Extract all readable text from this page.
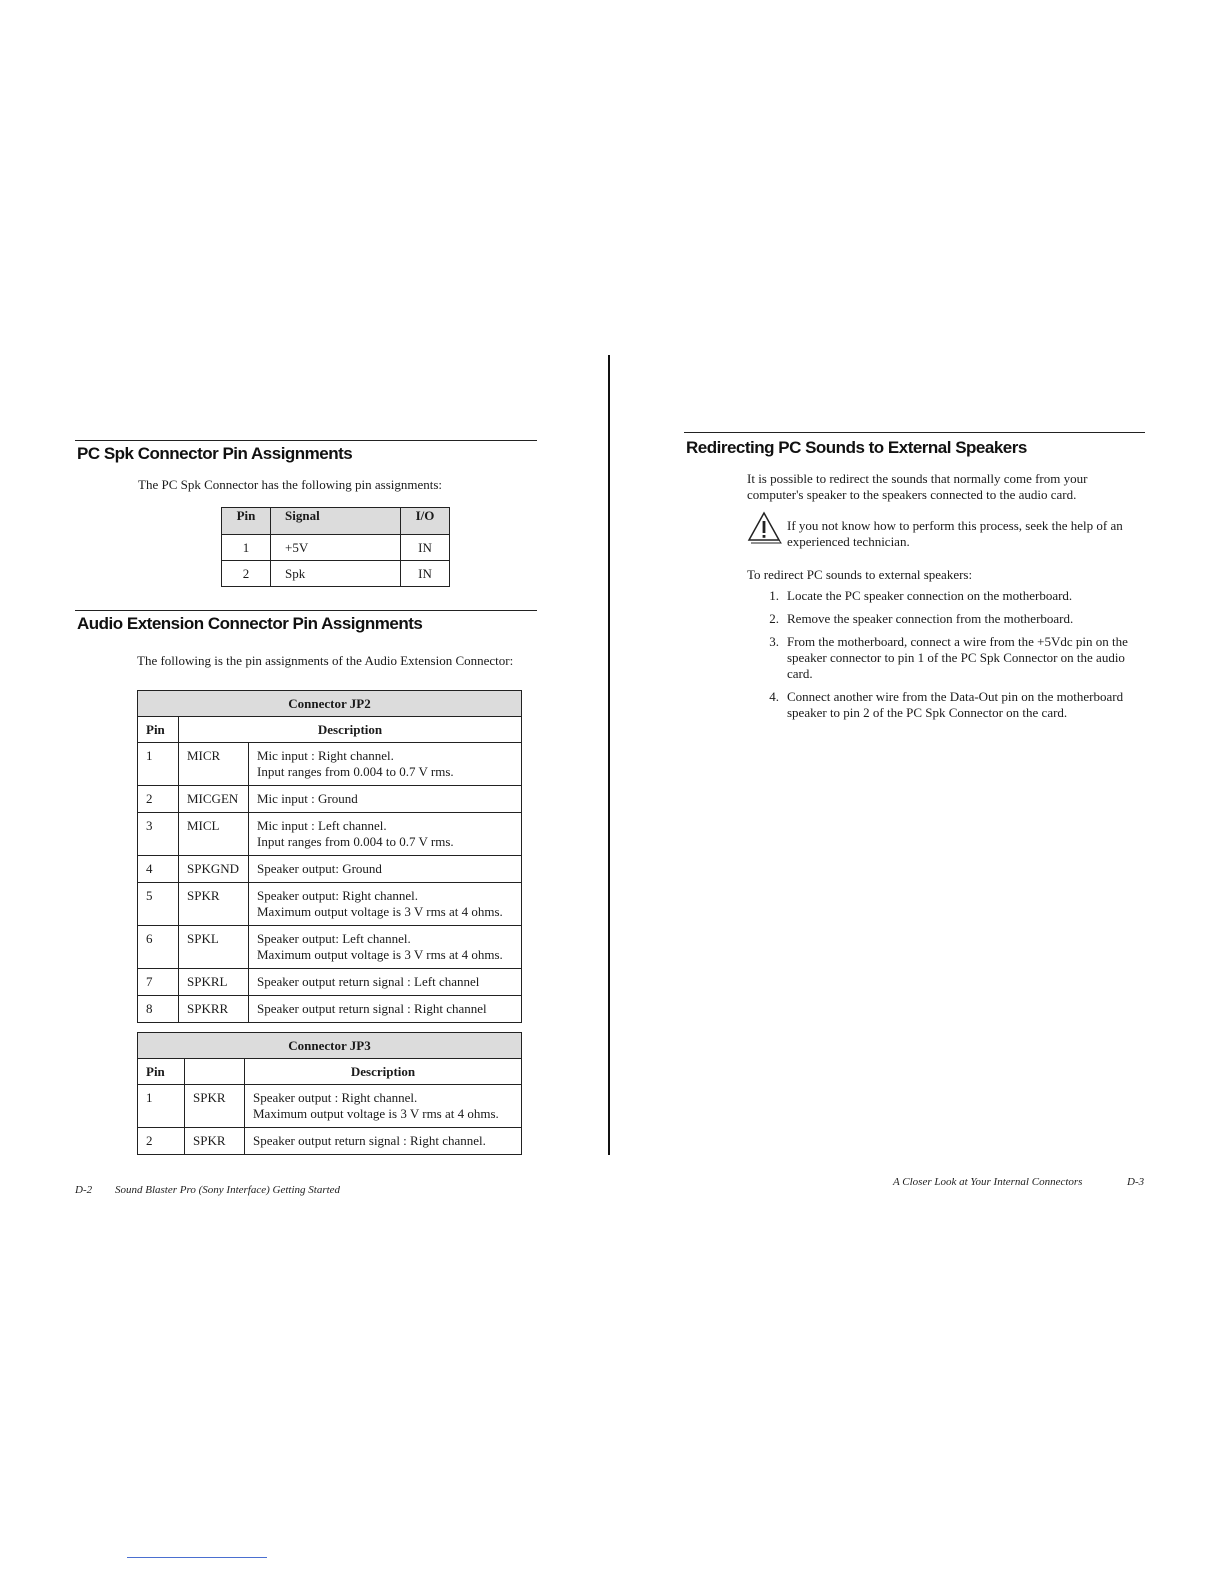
PC Spk Connector Pin Assignments

The PC Spk Connector has the following pin assignments:

Pin	Signal	I/O
1	+5V	IN
2	Spk	IN
Audio Extension Connector Pin Assignments

The following is the pin assignments of the Audio Extension Connector:

Connector JP2		
Pin	Description	
1	MICR	Mic input : Right channel.
Input ranges from 0.004 to 0.7 V rms.

2	MICGEN	Mic input : Ground

3	MICL	Mic input : Left channel.
Input ranges from 0.004 to 0.7 V rms.

4	SPKGND	Speaker output: Ground

5	SPKR	Speaker output: Right channel.
Maximum output voltage is 3 V rms at 4 ohms.

6	SPKL	Speaker output: Left channel.
Maximum output voltage is 3 V rms at 4 ohms.

7	SPKRL	Speaker output return signal : Left channel

8	SPKRR	Speaker output return signal : Right channel
Connector JP3		
Pin		Description
1	SPKR	Speaker output : Right channel.
Maximum output voltage is 3 V rms at 4 ohms.

2	SPKR	Speaker output return signal : Right channel.
D-2 Sound Blaster Pro (Sony Interface) Getting Started
Redirecting PC Sounds to External Speakers

It is possible to redirect the sounds that normally come from your computer's speaker to the speakers connected to the audio card.

If you not know how to perform this process, seek the help of an experienced technician.

To redirect PC sounds to external speakers:

1. Locate the PC speaker connection on the motherboard.
2. Remove the speaker connection from the motherboard.
3. From the motherboard, connect a wire from the +5Vdc pin on the speaker connector to pin 1 of the PC Spk Connector on the audio card.
4. Connect another wire from the Data-Out pin on the motherboard speaker to pin 2 of the PC Spk Connector on the card.
A Closer Look at Your Internal Connectors	D-3
